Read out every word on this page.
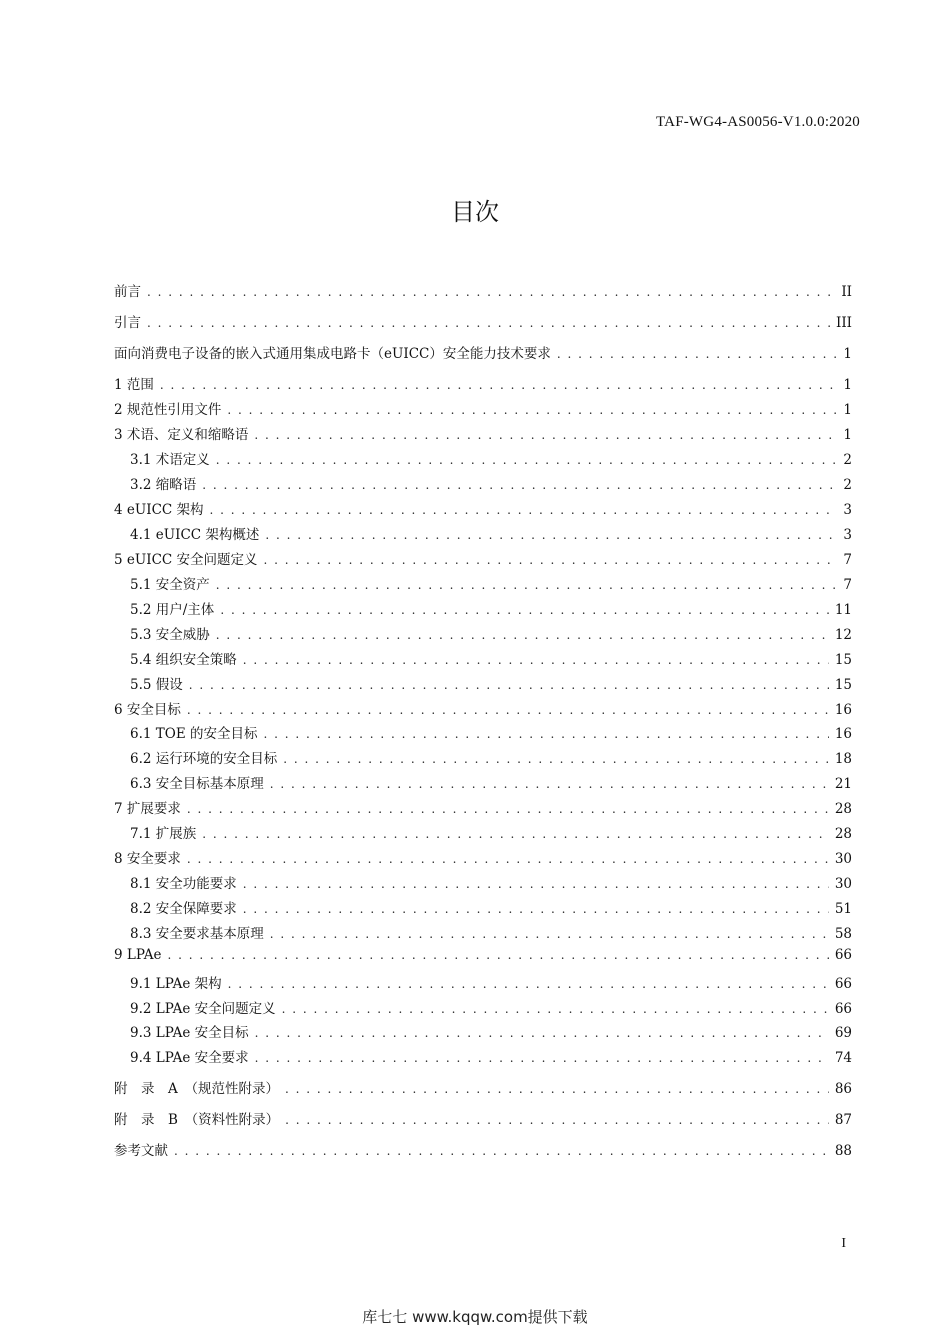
TAF-WG4-AS0056-V1.0.0:2020
目次
前言 . . .	II
引言 . . .	III
面向消费电子设备的嵌入式通用集成电路卡（eUICC）安全能力技术要求 . . .	1
1 范围 . . .	1
2 规范性引用文件 . . .	1
3 术语、定义和缩略语 . . .	1
3.1 术语定义 . . .	2
3.2 缩略语 . . .	2
4 eUICC 架构 . . .	3
4.1 eUICC 架构概述 . . .	3
5 eUICC 安全问题定义 . . .	7
5.1 安全资产 . . .	7
5.2 用户/主体 . . .	11
5.3 安全威胁 . . .	12
5.4 组织安全策略 . . .	15
5.5 假设 . . .	15
6 安全目标 . . .	16
6.1 TOE 的安全目标 . . .	16
6.2 运行环境的安全目标 . . .	18
6.3 安全目标基本原理 . . .	21
7 扩展要求 . . .	28
7.1 扩展族 . . .	28
8 安全要求 . . .	30
8.1 安全功能要求 . . .	30
8.2 安全保障要求 . . .	51
8.3 安全要求基本原理 . . .	58
9 LPAe . . .	66
9.1 LPAe 架构 . . .	66
9.2 LPAe 安全问题定义 . . .	66
9.3 LPAe 安全目标 . . .	69
9.4 LPAe 安全要求 . . .	74
附　录　A　（规范性附录） . . .	86
附　录　B　（资料性附录） . . .	87
参考文献 . . .	88
I
库七七 www.kqqw.com提供下载
